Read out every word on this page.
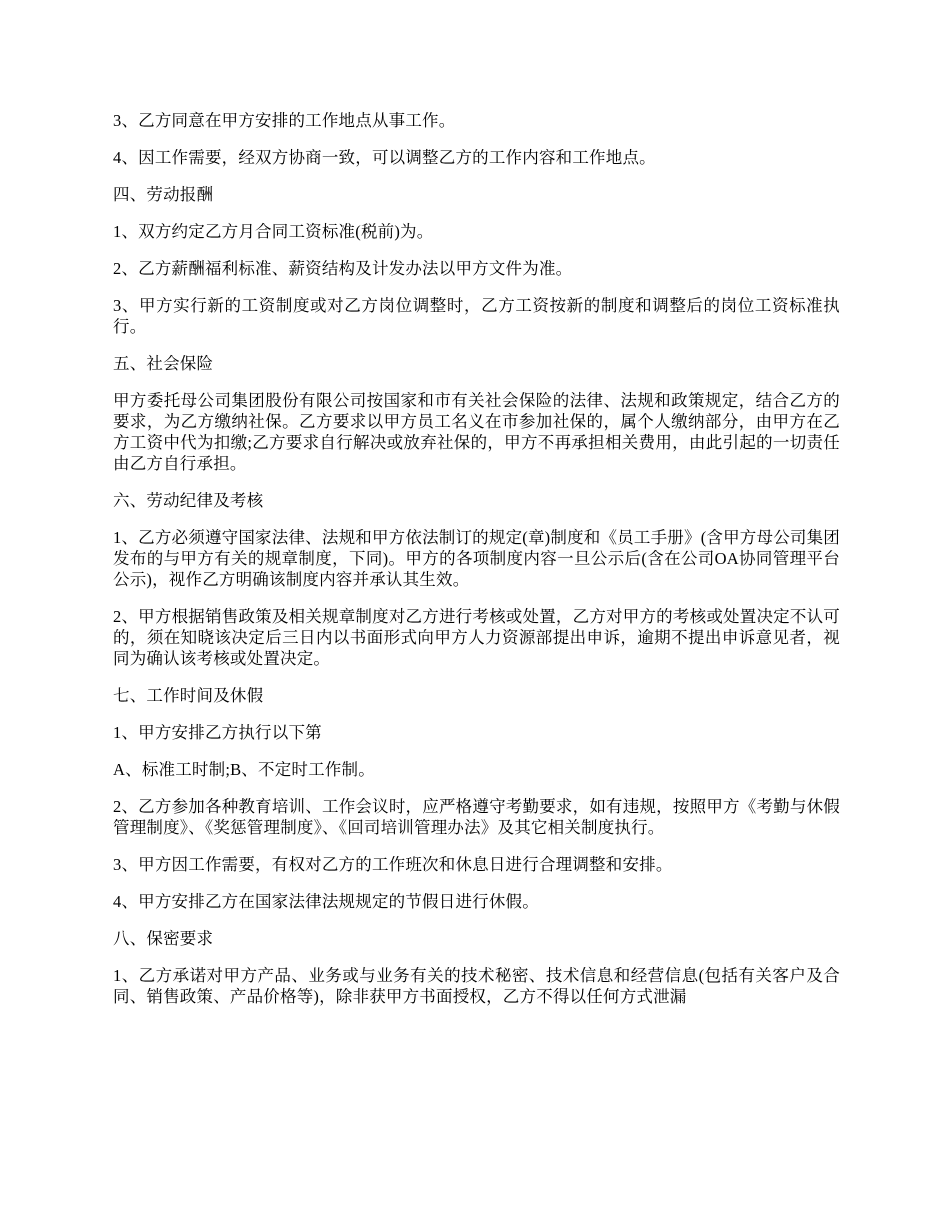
3、乙方同意在甲方安排的工作地点从事工作。

4、因工作需要，经双方协商一致，可以调整乙方的工作内容和工作地点。

四、劳动报酬

1、双方约定乙方月合同工资标准(税前)为。

2、乙方薪酬福利标准、薪资结构及计发办法以甲方文件为准。

3、甲方实行新的工资制度或对乙方岗位调整时，乙方工资按新的制度和调整后的岗位工资标准执行。

五、社会保险

甲方委托母公司集团股份有限公司按国家和市有关社会保险的法律、法规和政策规定，结合乙方的要求，为乙方缴纳社保。乙方要求以甲方员工名义在市参加社保的，属个人缴纳部分，由甲方在乙方工资中代为扣缴;乙方要求自行解决或放弃社保的，甲方不再承担相关费用，由此引起的一切责任由乙方自行承担。

六、劳动纪律及考核

1、乙方必须遵守国家法律、法规和甲方依法制订的规定(章)制度和《员工手册》(含甲方母公司集团发布的与甲方有关的规章制度，下同)。甲方的各项制度内容一旦公示后(含在公司OA协同管理平台公示)，视作乙方明确该制度内容并承认其生效。

2、甲方根据销售政策及相关规章制度对乙方进行考核或处置，乙方对甲方的考核或处置决定不认可的，须在知晓该决定后三日内以书面形式向甲方人力资源部提出申诉，逾期不提出申诉意见者，视同为确认该考核或处置决定。

七、工作时间及休假

1、甲方安排乙方执行以下第

A、标准工时制;B、不定时工作制。

2、乙方参加各种教育培训、工作会议时，应严格遵守考勤要求，如有违规，按照甲方《考勤与休假管理制度》、《奖惩管理制度》、《回司培训管理办法》及其它相关制度执行。

3、甲方因工作需要，有权对乙方的工作班次和休息日进行合理调整和安排。

4、甲方安排乙方在国家法律法规规定的节假日进行休假。

八、保密要求

1、乙方承诺对甲方产品、业务或与业务有关的技术秘密、技术信息和经营信息(包括有关客户及合同、销售政策、产品价格等)，除非获甲方书面授权，乙方不得以任何方式泄漏
